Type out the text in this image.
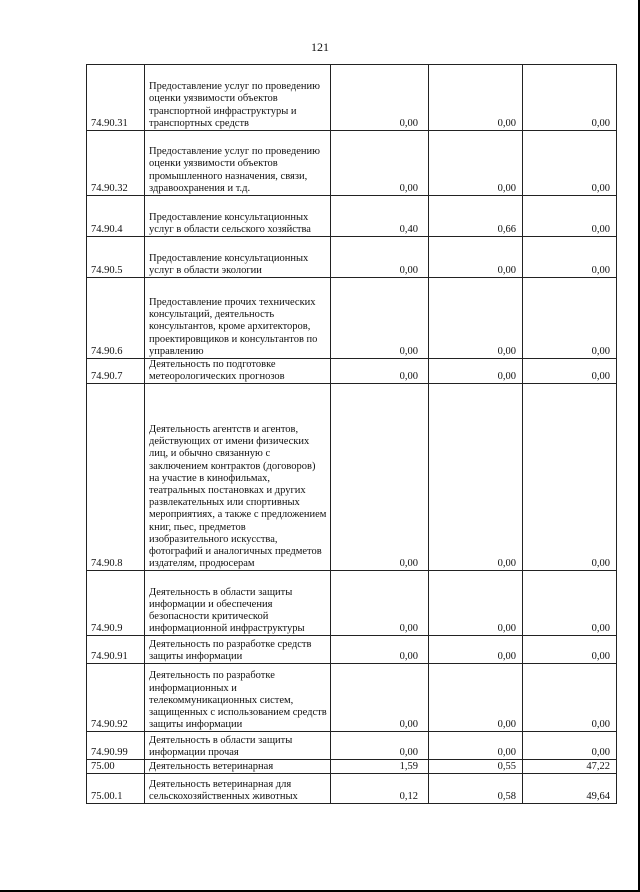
121
74.90.31	Предоставление услуг по проведению оценки уязвимости объектов транспортной инфраструктуры и транспортных средств	0,00	0,00	0,00
74.90.32	Предоставление услуг по проведению оценки уязвимости объектов промышленного назначения, связи, здравоохранения и т.д.	0,00	0,00	0,00
74.90.4	Предоставление консультационных услуг в области сельского хозяйства	0,40	0,66	0,00
74.90.5	Предоставление консультационных услуг в области экологии	0,00	0,00	0,00
74.90.6	Предоставление прочих технических консультаций, деятельность консультантов, кроме архитекторов, проектировщиков и консультантов по управлению	0,00	0,00	0,00
74.90.7	Деятельность по подготовке метеорологических прогнозов	0,00	0,00	0,00
74.90.8	Деятельность агентств и агентов, действующих от имени физических лиц, и обычно связанную с заключением контрактов (договоров) на участие в кинофильмах, театральных постановках и других развлекательных или спортивных мероприятиях, а также с предложением книг, пьес, предметов изобразительного искусства, фотографий и аналогичных предметов издателям, продюсерам	0,00	0,00	0,00
74.90.9	Деятельность в области защиты информации и обеспечения безопасности критической информационной инфраструктуры	0,00	0,00	0,00
74.90.91	Деятельность по разработке средств защиты информации	0,00	0,00	0,00
74.90.92	Деятельность по разработке информационных и телекоммуникационных систем, защищенных с использованием средств защиты информации	0,00	0,00	0,00
74.90.99	Деятельность в области защиты информации прочая	0,00	0,00	0,00
75.00	Деятельность ветеринарная	1,59	0,55	47,22
75.00.1	Деятельность ветеринарная для сельскохозяйственных животных	0,12	0,58	49,64
